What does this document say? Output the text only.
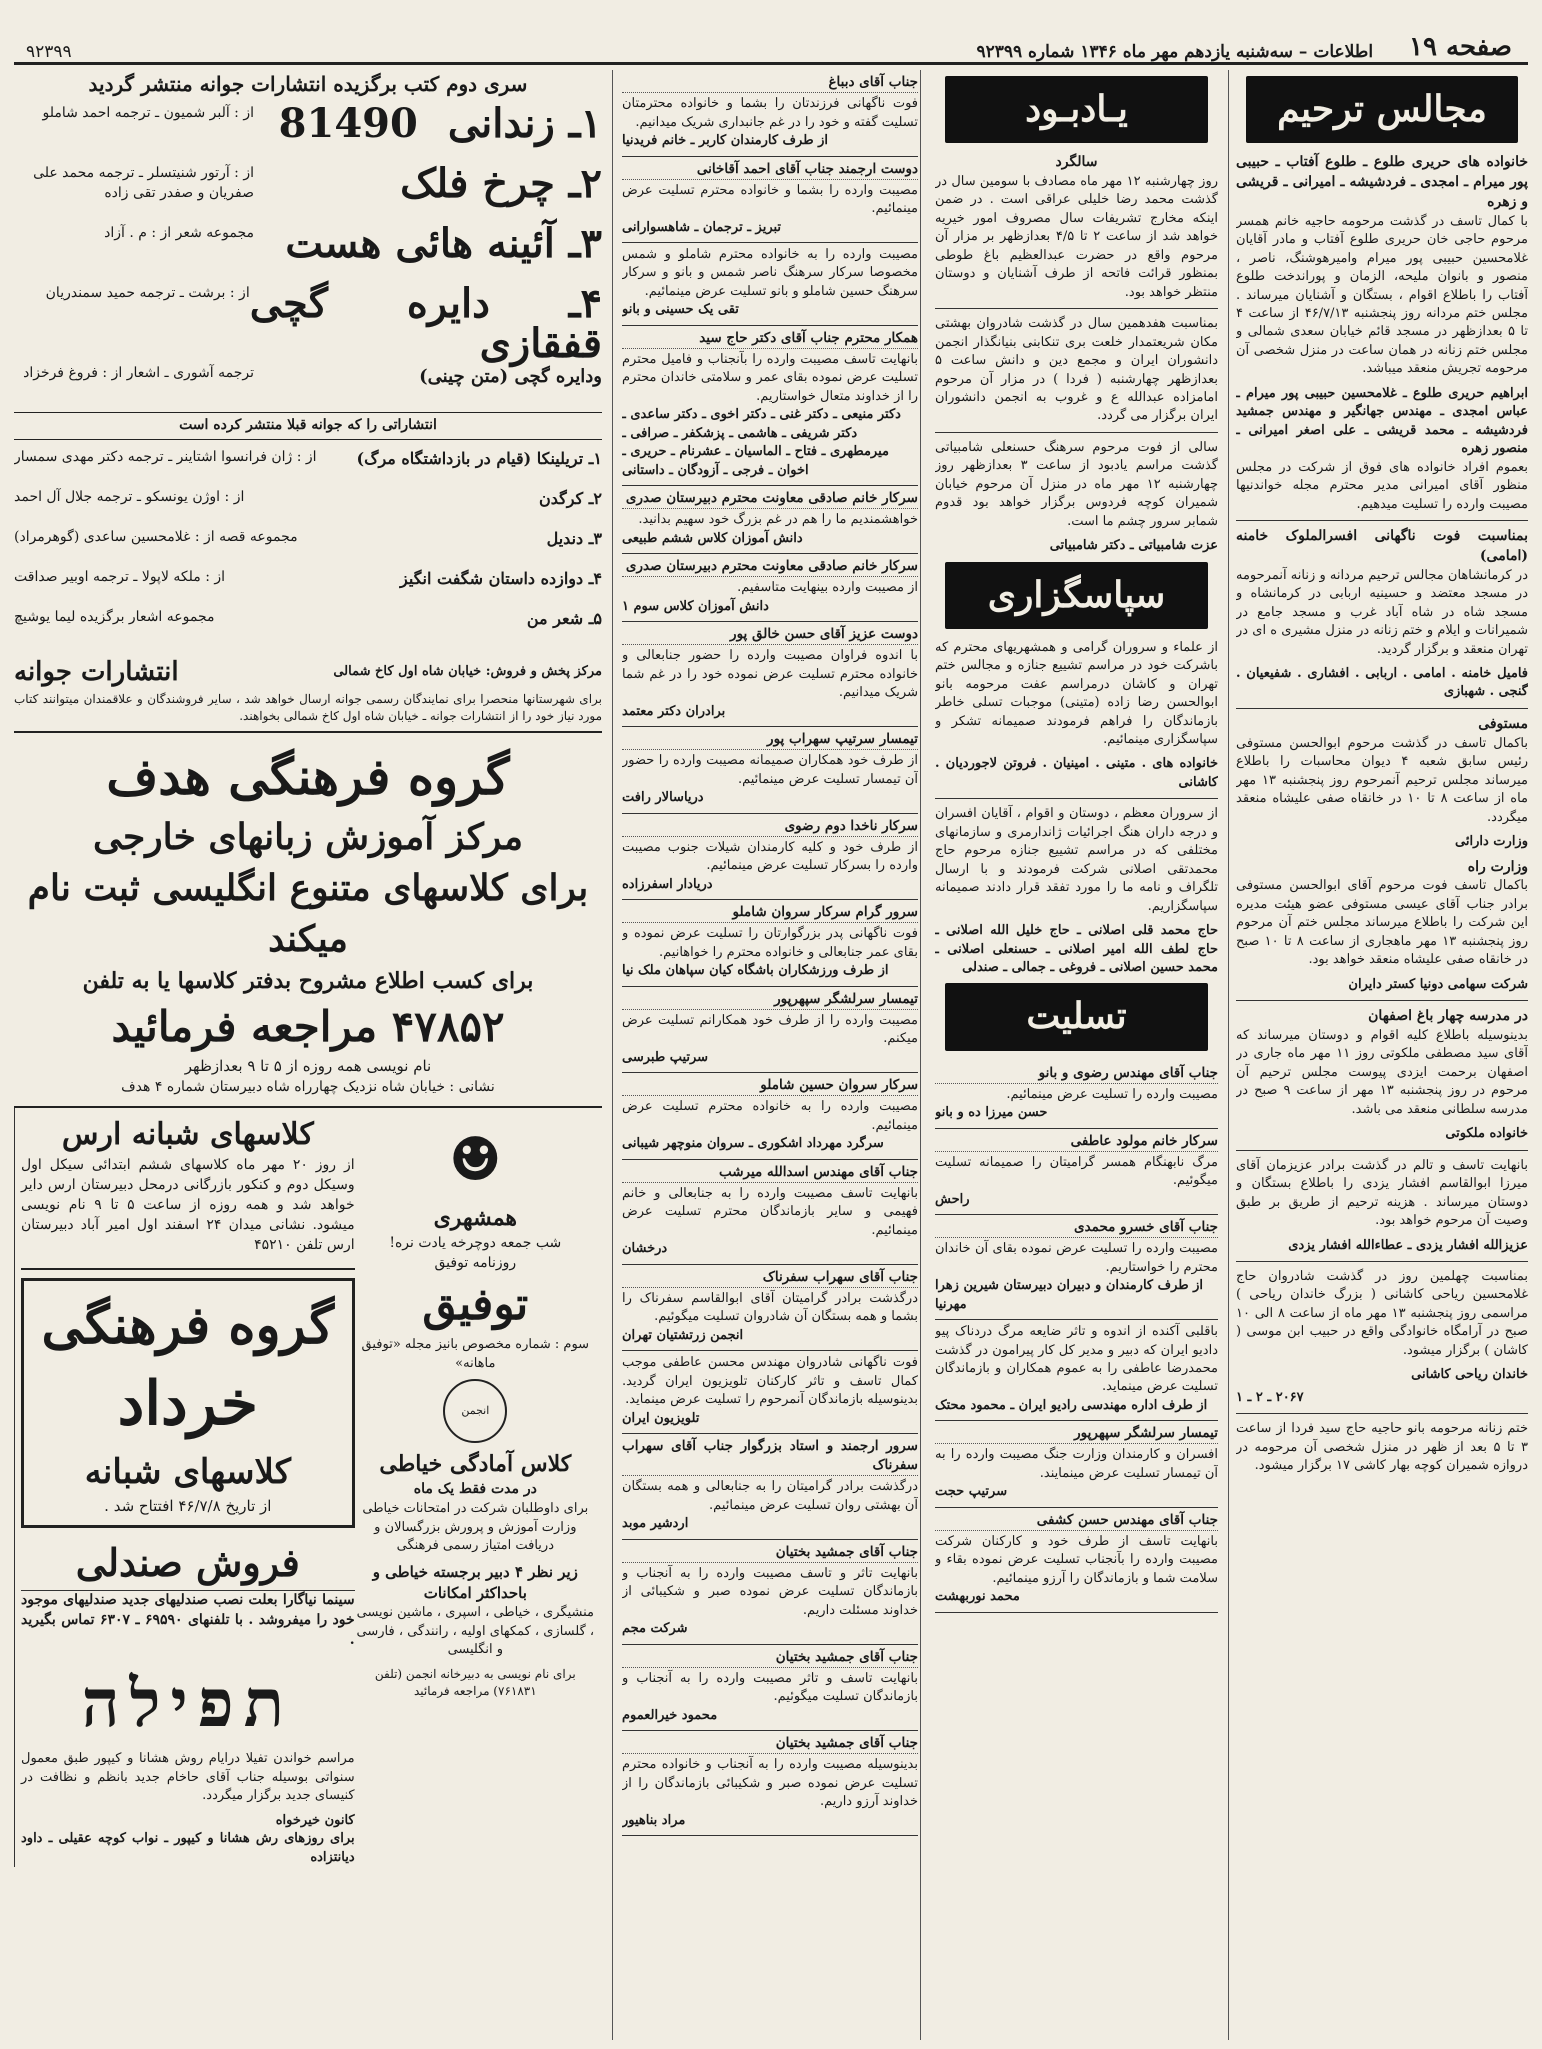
صفحه ۱۹
اطلاعات – سه‌شنبه یازدهم مهر ماه ۱۳۴۶ شماره ۹۲۳۹۹
۹۲۳۹۹
مجالس ترحیم
خانواده های حریری طلوع ـ طلوع آفتاب ـ حبیبی پور میرام ـ امجدی ـ فردشیشه ـ امیرانی ـ قریشی و زهره

با کمال تاسف در گذشت مرحومه حاجیه خانم همسر مرحوم حاجی خان حریری طلوع آفتاب و مادر آقایان غلامحسین حبیبی پور میرام وامیرهوشنگ، ناصر ، منصور و بانوان ملیحه، الزمان و پوراندخت طلوع آفتاب را باطلاع اقوام ، بستگان و آشنایان میرساند . مجلس ختم مردانه روز پنجشنبه ۴۶/۷/۱۳ از ساعت ۴ تا ۵ بعدازظهر در مسجد قائم خیابان سعدی شمالی و مجلس ختم زنانه در همان ساعت در منزل شخصی آن مرحومه تجریش منعقد میباشد.

ابراهیم حریری طلوع ـ غلامحسین حبیبی پور میرام ـ عباس امجدی ـ مهندس جهانگیر و مهندس جمشید فردشیشه ـ محمد قریشی ـ علی اصغر امیرانی ـ منصور زهره

بعموم افراد خانواده های فوق از شرکت در مجلس منظور آقای امیرانی مدیر محترم مجله خواندنیها مصیبت وارده را تسلیت میدهیم.

بمناسبت فوت ناگهانی افسرالملوک خامنه (امامی)

در کرمانشاهان مجالس ترحیم مردانه و زنانه آنمرحومه در مسجد معتضد و حسینیه اربابی در کرمانشاه و مسجد شاه در شاه آباد غرب و مسجد جامع در شمیرانات و ایلام و ختم زنانه در منزل مشیری ه ای در تهران منعقد و برگزار گردید.

فامیل خامنه . امامی . اربابی . افشاری . شفیعیان . گنجی . شهبازی
مستوفی

باکمال تاسف در گذشت مرحوم ابوالحسن مستوفی رئیس سابق شعبه ۴ دیوان محاسبات را باطلاع میرساند مجلس ترحیم آنمرحوم روز پنجشنبه ۱۳ مهر ماه از ساعت ۸ تا ۱۰ در خانقاه صفی علیشاه منعقد میگردد.

وزارت دارائی
وزارت راه

باکمال تاسف فوت مرحوم آقای ابوالحسن مستوفی برادر جناب آقای عیسی مستوفی عضو هیئت مدیره این شرکت را باطلاع میرساند مجلس ختم آن مرحوم روز پنجشنبه ۱۳ مهر ماهجاری از ساعت ۸ تا ۱۰ صبح در خانقاه صفی علیشاه منعقد خواهد بود.

شرکت سهامی دونیا کستر دایران
در مدرسه چهار باغ اصفهان

بدینوسیله باطلاع کلیه اقوام و دوستان میرساند که آقای سید مصطفی ملکوتی روز ۱۱ مهر ماه جاری در اصفهان برحمت ایزدی پیوست مجلس ترحیم آن مرحوم در روز پنجشنبه ۱۳ مهر از ساعت ۹ صبح در مدرسه سلطانی منعقد می باشد.

خانواده ملکوتی

بانهایت تاسف و تالم در گذشت برادر عزیزمان آقای میرزا ابوالقاسم افشار یزدی را باطلاع بستگان و دوستان میرساند . هزینه ترحیم از طریق بر طبق وصیت آن مرحوم خواهد بود.

عزیزالله افشار یزدی ـ عطاءالله افشار یزدی

بمناسبت چهلمین روز در گذشت شادروان حاج غلامحسین ریاحی کاشانی ( بزرگ خاندان ریاحی ) مراسمی روز پنجشنبه ۱۳ مهر ماه از ساعت ۸ الی ۱۰ صبح در آرامگاه خانوادگی واقع در حبیب ابن موسی ( کاشان ) برگزار میشود.

خاندان ریاحی کاشانی
۲۰۶۷ ـ ۲ ـ ۱

ختم زنانه مرحومه بانو حاجیه حاج سید فردا از ساعت ۳ تا ۵ بعد از ظهر در منزل شخصی آن مرحومه در دروازه شمیران کوچه بهار کاشی ۱۷ برگزار میشود.

یـادبـود
سالگرد

روز چهارشنبه ۱۲ مهر ماه مصادف با سومین سال در گذشت محمد رضا خلیلی عراقی است . در ضمن اینکه مخارج تشریفات سال مصروف امور خیریه خواهد شد از ساعت ۲ تا ۴/۵ بعدازظهر بر مزار آن مرحوم واقع در حضرت عبدالعظیم باغ طوطی بمنظور قرائت فاتحه از طرف آشنایان و دوستان منتظر خواهد بود.

بمناسبت هفدهمین سال در گذشت شادروان بهشتی مکان شریعتمدار خلعت بری تنکابنی بنیانگذار انجمن دانشوران ایران و مجمع دین و دانش ساعت ۵ بعدازظهر چهارشنبه ( فردا ) در مزار آن مرحوم امامزاده عبدالله ع و غروب به انجمن دانشوران ایران برگزار می گردد.

سالی از فوت مرحوم سرهنگ حسنعلی شامبیاتی گذشت مراسم یادبود از ساعت ۳ بعدازظهر روز چهارشنبه ۱۲ مهر ماه در منزل آن مرحوم خیابان شمیران کوچه فردوس برگزار خواهد بود قدوم شمابر سرور چشم ما است.

عزت شامبیاتی ـ دکتر شامبیاتی
سپاسگزاری

از علماء و سروران گرامی و همشهریهای محترم که باشرکت خود در مراسم تشییع جنازه و مجالس ختم تهران و کاشان درمراسم عفت مرحومه بانو ابوالحسن رضا زاده (متینی) موجبات تسلی خاطر بازماندگان را فراهم فرمودند صمیمانه تشکر و سپاسگزاری مینمائیم.

خانواده های . متینی . امینیان . فروتن لاجوردیان . کاشانی

از سروران معظم ، دوستان و اقوام ، آقایان افسران و درجه داران هنگ اجرائیات ژاندارمری و سازمانهای مختلفی که در مراسم تشییع جنازه مرحوم حاج محمدتقی اصلانی شرکت فرمودند و با ارسال تلگراف و نامه ما را مورد تفقد قرار دادند صمیمانه سپاسگزاریم.

حاج محمد قلی اصلانی ـ حاج خلیل الله اصلانی ـ حاج لطف الله امیر اصلانی ـ حسنعلی اصلانی ـ محمد حسین اصلانی ـ فروغی ـ جمالی ـ صندلی
تسلیت
جناب آقای مهندس رضوی و بانو
مصیبت وارده را تسلیت عرض مینمائیم.
حسن میرزا ده و بانو
سرکار خانم مولود عاطفی
مرگ نابهنگام همسر گرامیتان را صمیمانه تسلیت میگوئیم.
راحش
جناب آقای خسرو محمدی
مصیبت وارده را تسلیت عرض نموده بقای آن خاندان محترم را خواستاریم.
از طرف کارمندان و دبیران دبیرستان شیرین زهرا مهرنیا
باقلبی آکنده از اندوه و تاثر ضایعه مرگ دردناک پیو دادیو ایران که دبیر و مدیر کل کار پیرامون در گذشت محمدرضا عاطفی را به عموم همکاران و بازماندگان تسلیت عرض مینماید.
از طرف اداره مهندسی رادیو ایران ـ محمود محتک
تیمسار سرلشگر سپهرپور
افسران و کارمندان وزارت جنگ مصیبت وارده را به آن تیمسار تسلیت عرض مینمایند.
سرتیپ حجت
جناب آقای مهندس حسن کشفی
بانهایت تاسف از طرف خود و کارکنان شرکت مصیبت وارده را بآنجناب تسلیت عرض نموده بقاء و سلامت شما و بازماندگان را آرزو مینمائیم.
محمد نوربهشت
جناب آقای دبباغ
فوت ناگهانی فرزندتان را بشما و خانواده محترمتان تسلیت گفته و خود را در غم جانبداری شریک میدانیم.
از طرف کارمندان کاربر ـ خانم فریدنیا
دوست ارجمند جناب آقای احمد آقاخانی
مصیبت وارده را بشما و خانواده محترم تسلیت عرض مینمائیم.
تبریز ـ ترجمان ـ شاهسوارانی
مصیبت وارده را به خانواده محترم شاملو و شمس مخصوصا سرکار سرهنگ ناصر شمس و بانو و سرکار سرهنگ حسین شاملو و بانو تسلیت عرض مینمائیم.
تقی یک حسینی و بانو
همکار محترم جناب آقای دکتر حاج سید
بانهایت تاسف مصیبت وارده را بآنجناب و فامیل محترم تسلیت عرض نموده بقای عمر و سلامتی خاندان محترم را از خداوند متعال خواستاریم.
دکتر منیعی ـ دکتر غنی ـ دکتر اخوی ـ دکتر ساعدی ـ دکتر شریفی ـ هاشمی ـ پزشکفر ـ صرافی ـ میرمطهری ـ فتاح ـ الماسیان ـ عشرنام ـ حریری ـ اخوان ـ فرجی ـ آزودگان ـ داستانی
سرکار خانم صادقی معاونت محترم دبیرستان صدری
خواهشمندیم ما را هم در غم بزرگ خود سهیم بدانید.
دانش آموزان کلاس ششم طبیعی
سرکار خانم صادقی معاونت محترم دبیرستان صدری
از مصیبت وارده بینهایت متاسفیم.
دانش آموزان کلاس سوم ۱
دوست عزیز آقای حسن خالق پور
با اندوه فراوان مصیبت وارده را حضور جنابعالی و خانواده محترم تسلیت عرض نموده خود را در غم شما شریک میدانیم.
برادران دکتر معتمد
تیمسار سرتیپ سهراب پور
از طرف خود همکاران صمیمانه مصیبت وارده را حضور آن تیمسار تسلیت عرض مینمائیم.
دریاسالار رافت
سرکار ناخدا دوم رضوی
از طرف خود و کلیه کارمندان شیلات جنوب مصیبت وارده را بسرکار تسلیت عرض مینمائیم.
دریادار اسفرزاده
سرور گرام سرکار سروان شاملو
فوت ناگهانی پدر بزرگوارتان را تسلیت عرض نموده و بقای عمر جنابعالی و خانواده محترم را خواهانیم.
از طرف ورزشکاران باشگاه کیان سپاهان ملک نیا
تیمسار سرلشگر سپهرپور
مصیبت وارده را از طرف خود همکارانم تسلیت عرض میکنم.
سرتیپ طبرسی
سرکار سروان حسین شاملو
مصیبت وارده را به خانواده محترم تسلیت عرض مینمائیم.
سرگرد مهرداد اشکوری ـ سروان منوچهر شیبانی
جناب آقای مهندس اسدالله میرشب
بانهایت تاسف مصیبت وارده را به جنابعالی و خانم فهیمی و سایر بازماندگان محترم تسلیت عرض مینمائیم.
درخشان
جناب آقای سهراب سفرناک
درگذشت برادر گرامیتان آقای ابوالقاسم سفرناک را بشما و همه بستگان آن شادروان تسلیت میگوئیم.
انجمن زرتشتیان تهران
فوت ناگهانی شادروان مهندس محسن عاطفی موجب کمال تاسف و تاثر کارکنان تلویزیون ایران گردید. بدینوسیله بازماندگان آنمرحوم را تسلیت عرض مینماید.
تلویزیون ایران
سرور ارجمند و استاد بزرگوار جناب آقای سهراب سفرناک
درگذشت برادر گرامیتان را به جنابعالی و همه بستگان آن بهشتی روان تسلیت عرض مینمائیم.
اردشیر موبد
جناب آقای جمشید بختیان
بانهایت تاثر و تاسف مصیبت وارده را به آنجناب و بازماندگان تسلیت عرض نموده صبر و شکیبائی از خداوند مسئلت داریم.
شرکت مجم
جناب آقای جمشید بختیان
بانهایت تاسف و تاثر مصیبت وارده را به آنجناب و بازماندگان تسلیت میگوئیم.
محمود خیرالعموم
جناب آقای جمشید بختیان
بدینوسیله مصیبت وارده را به آنجناب و خانواده محترم تسلیت عرض نموده صبر و شکیبائی بازماندگان را از خداوند آرزو داریم.
مراد بناهیور
سری دوم کتب برگزیده انتشارات جوانه منتشر گردید
۱ـ زندانی81490
از : آلبر شمیون ـ ترجمه احمد شاملو
۲ـ چرخ فلک
از : آرتور شنیتسلر ـ ترجمه محمد علی صفریان و صفدر تقی زاده
۳ـ آئینه هائی هست
مجموعه شعر از : م . آزاد
۴ـ دایره گچی قفقازی
از : برشت ـ ترجمه حمید سمندریان
ودایره گچی (متن چینی)
ترجمه آشوری ـ اشعار از : فروغ فرخزاد
انتشاراتی را که جوانه قبلا منتشر کرده است
۱ـ تریلینکا (قیام در بازداشتگاه مرگ)
از : ژان فرانسوا اشتاینر ـ ترجمه دکتر مهدی سمسار
۲ـ کرگدن
از : اوژن یونسکو ـ ترجمه جلال آل احمد
۳ـ دندیل
مجموعه قصه از : غلامحسین ساعدی (گوهرمراد)
۴ـ دوازده داستان شگفت انگیز
از : ملکه لاپولا ـ ترجمه اوبیر صداقت
۵ـ شعر من
مجموعه اشعار برگزیده لیما یوشیچ
مرکز پخش و فروش: خیابان شاه اول کاخ شمالی
انتشارات جوانه
برای شهرستانها منحصرا برای نمایندگان رسمی جوانه ارسال خواهد شد ، سایر فروشندگان و علاقمندان میتوانند کتاب مورد نیاز خود را از انتشارات جوانه ـ خیابان شاه اول کاخ شمالی بخواهند.
گروه فرهنگی هدف
مرکز آموزش زبانهای خارجی
برای کلاسهای متنوع انگلیسی ثبت نام میکند
برای کسب اطلاع مشروح بدفتر کلاسها یا به تلفن
۴۷۸۵۲ مراجعه فرمائید
نام نویسی همه روزه از ۵ تا ۹ بعدازظهر
نشانی : خیابان شاه نزدیک چهارراه شاه دبیرستان شماره ۴ هدف
☻
همشهری
شب جمعه دوچرخه یادت نره!
روزنامه توفیق
توفیق
سوم : شماره مخصوص بانیز مجله «توفیق ماهانه»
انجمن
کلاس آمادگی خیاطی
در مدت فقط یک ماه

برای داوطلبان شرکت در امتحانات خیاطی وزارت آموزش و پرورش بزرگسالان و دریافت امتیاز رسمی فرهنگی

زیر نظر ۴ دبیر برجسته خیاطی و باحداکثر امکانات

منشیگری ، خیاطی ، اسپری ، ماشین نویسی ، گلسازی ، کمکهای اولیه ، رانندگی ، فارسی و انگلیسی

برای نام نویسی به دبیرخانه انجمن (تلفن ۷۶۱۸۳۱) مراجعه فرمائید

کلاسهای شبانه ارس

از روز ۲۰ مهر ماه کلاسهای ششم ابتدائی سیکل اول وسیکل دوم و کنکور بازرگانی درمحل دبیرستان ارس دایر خواهد شد و همه روزه از ساعت ۵ تا ۹ نام نویسی میشود. نشانی میدان ۲۴ اسفند اول امیر آباد دبیرستان ارس تلفن ۴۵۲۱۰

گروه فرهنگی
خرداد
کلاسهای شبانه
از تاریخ ۴۶/۷/۸ افتتاح شد .
فروش صندلی

سینما نیاگارا بعلت نصب صندلیهای جدید صندلیهای موجود خود را میفروشد . با تلفنهای ۶۹۵۹۰ ـ ۶۳۰۷ تماس بگیرید .

תפילה

مراسم خواندن تفیلا درایام روش هشانا و کیپور طبق معمول سنواتی بوسیله جناب آقای حاخام جدید بانظم و نظافت در کنیسای جدید برگزار میگردد.

کانون خیرخواه
برای روزهای رش هشانا و کیپور ـ نواب کوچه عقیلی ـ داود دیانتزاده
